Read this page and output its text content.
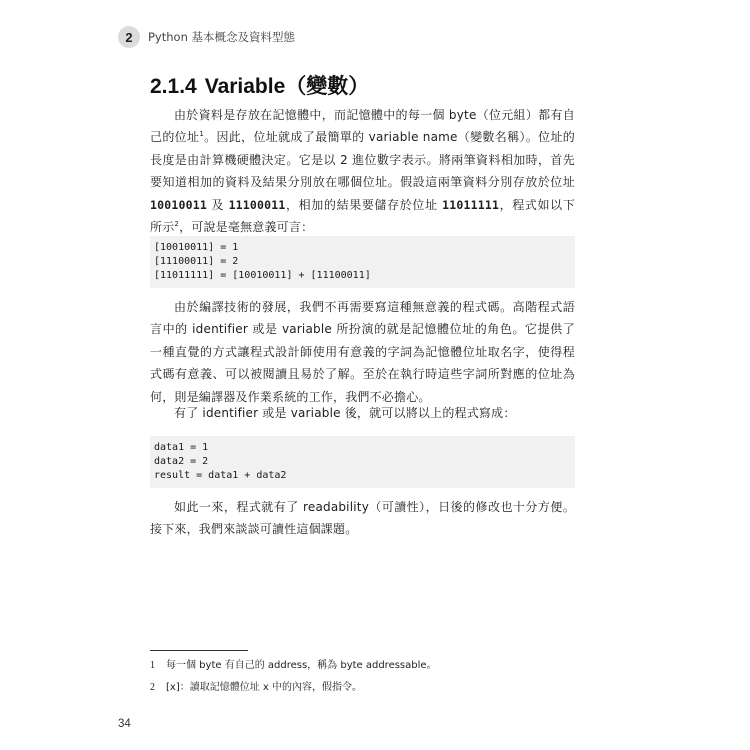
2	Python 基本概念及資料型態
2.1.4 Variable（變數）

由於資料是存放在記憶體中，而記憶體中的每一個 byte（位元組）都有自己的位址$^1$。因此，位址就成了最簡單的 variable name（變數名稱）。位址的長度是由計算機硬體決定。它是以 2 進位數字表示。將兩筆資料相加時，首先要知道相加的資料及結果分別放在哪個位址。假設這兩筆資料分別存放於位址 10010011 及 11100011，相加的結果要儲存於位址 11011111，程式如以下所示$^2$，可說是毫無意義可言：

[10010011] = 1
[11100011] = 2
[11011111] = [10010011] + [11100011]

由於編譯技術的發展，我們不再需要寫這種無意義的程式碼。高階程式語言中的 identifier 或是 variable 所扮演的就是記憶體位址的角色。它提供了一種直覺的方式讓程式設計師使用有意義的字詞為記憶體位址取名字，使得程式碼有意義、可以被閱讀且易於了解。至於在執行時這些字詞所對應的位址為何，則是編譯器及作業系統的工作，我們不必擔心。

有了 identifier 或是 variable 後，就可以將以上的程式寫成：

data1 = 1
data2 = 2
result = data1 + data2

如此一來，程式就有了 readability（可讀性），日後的修改也十分方便。接下來，我們來談談可讀性這個課題。

1	每一個 byte 有自己的 address，稱為 byte addressable。
2	[x]：讀取記憶體位址 x 中的內容，假指令。
34
